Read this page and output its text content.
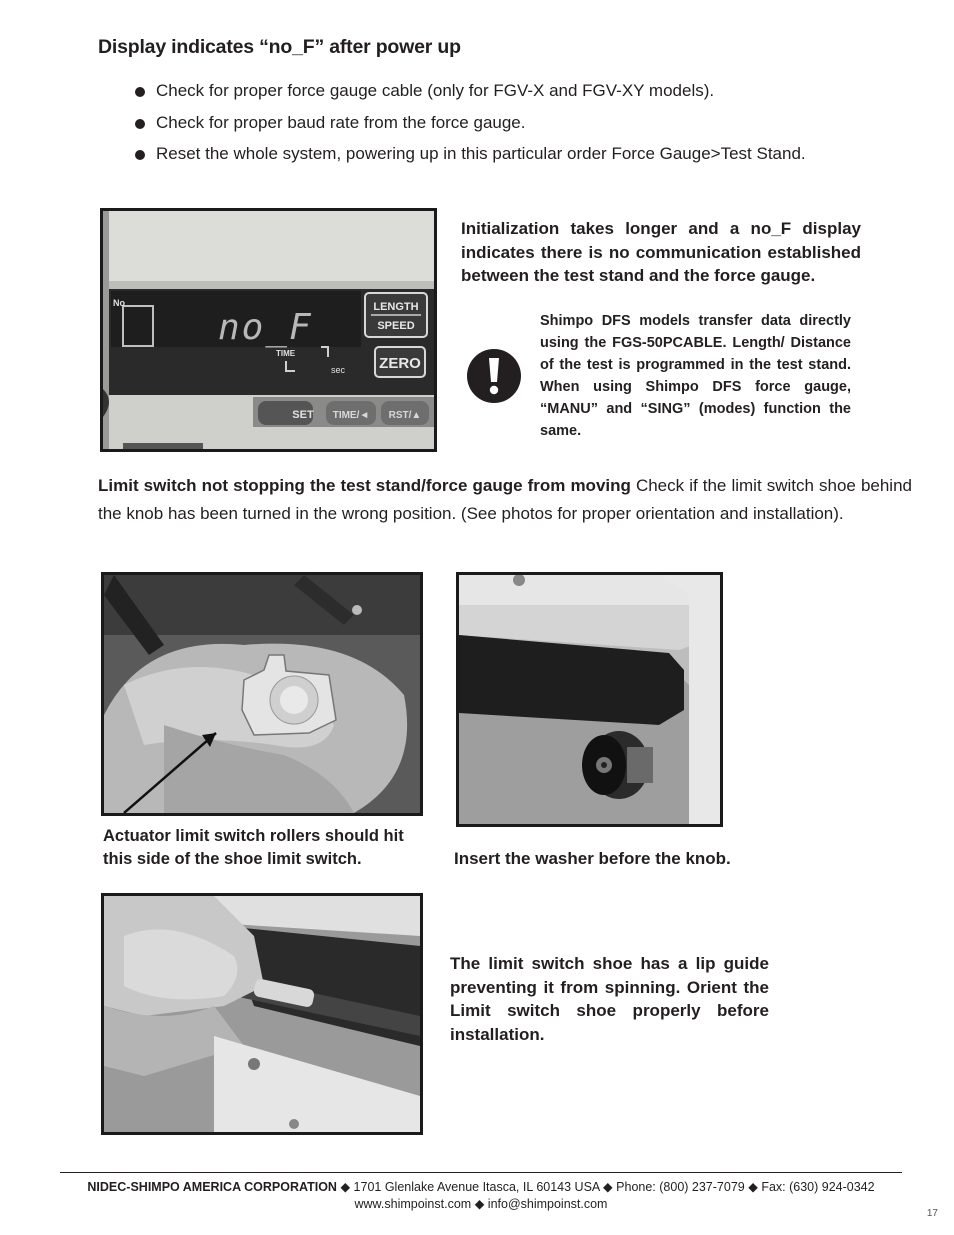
Display indicates “no_F” after power up
Check for proper force gauge cable (only for FGV-X and FGV-XY models).
Check for proper baud rate from the force gauge.
Reset the whole system, powering up in this particular order Force Gauge>Test Stand.
No
no_F	LENGTH
SPEED
TIME
sec ZERO
SET TIME/◄ RST/▲
Initialization takes longer and a no_F display indicates there is no communication established between the test stand and the force gauge.
Shimpo DFS models transfer data directly using the FGS-50PCABLE. Length/ Distance of the test is programmed in the test stand. When using Shimpo DFS force gauge, “MANU” and “SING” (modes) function the same.
Limit switch not stopping the test stand/force gauge from moving Check if the limit switch shoe behind the knob has been turned in the wrong position. (See photos for proper orientation and installation).
Actuator limit switch rollers should hit this side of the shoe limit switch.	Insert the washer before the knob.
The limit switch shoe has a lip guide preventing it from spinning. Orient the Limit switch shoe properly before installation.
NIDEC-SHIMPO AMERICA CORPORATION ◆ 1701 Glenlake Avenue Itasca, IL 60143 USA ◆ Phone: (800) 237-7079 ◆ Fax: (630) 924-0342
www.shimpoinst.com ◆ info@shimpoinst.com
17
